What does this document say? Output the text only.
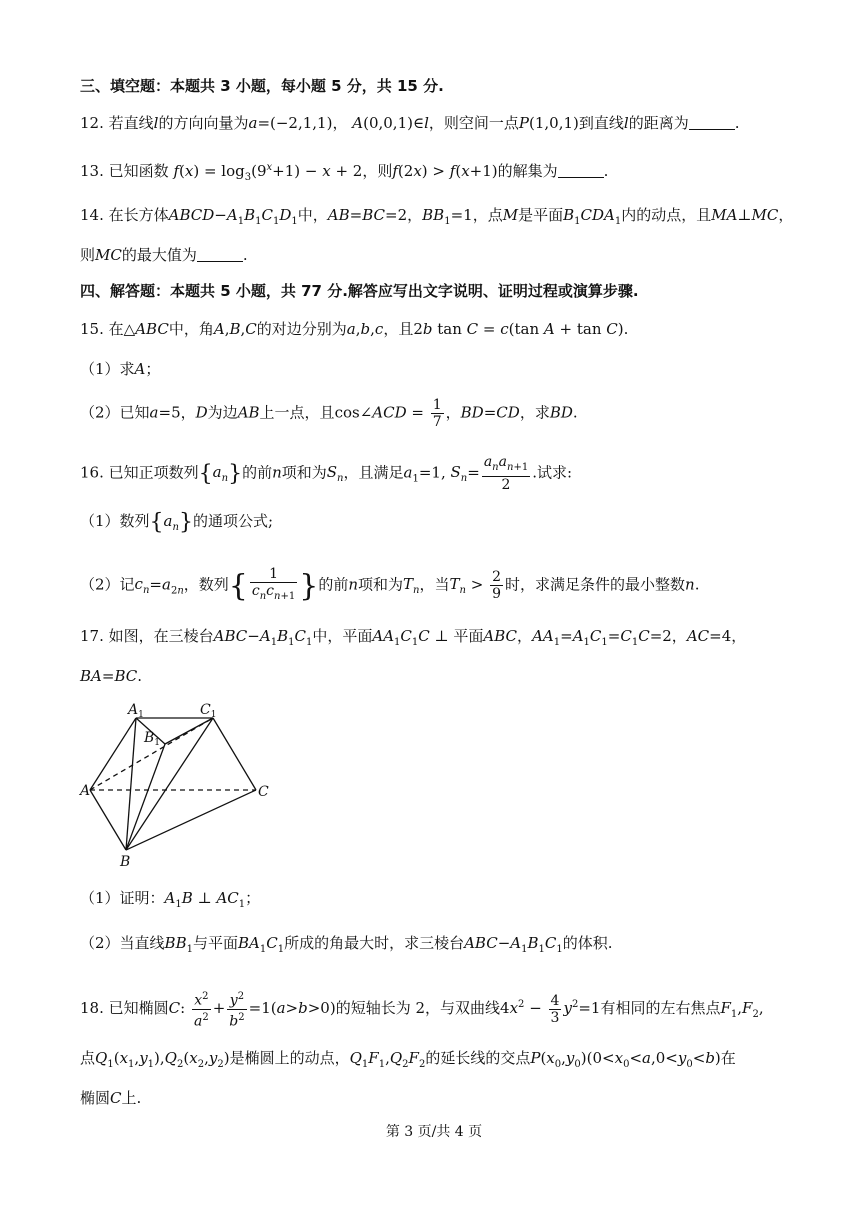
三、填空题：本题共 3 小题，每小题 5 分，共 15 分.
12. 若直线l的方向向量为a=(−2,1,1)， A(0,0,1)∈l，则空间一点P(1,0,1)到直线l的距离为	.
13. 已知函数 $f(x) = \log_3(9^x+1) - x + 2$，则f(2x) > f(x+1)的解集为	.
14. 在长方体$ABCD-A_1B_1C_1D_1$中，AB=BC=2，$BB_1=1$，点M是平面$B_1CDA_1$内的动点，且MA⊥MC，
则MC的最大值为	.
四、解答题：本题共 5 小题，共 77 分.解答应写出文字说明、证明过程或演算步骤.
15. 在△ABC中，角A,B,C的对边分别为a,b,c，且2b tan C = c(tan A + tan C).
（1）求A；
（2）已知a=5，D为边AB上一点，且cos∠ACD = $\frac{1}{7}$ ，BD=CD，求BD.
16. 已知正项数列$\{a_n\}$的前n项和为$S_n$，且满足$a_1=1$, $S_n= \frac{a_na_{n+1}}{2}$ .试求:
（1）数列$\{a_n\}$的通项公式;
（2）记$c_n=a_{2n}$，数列{ $\frac{1}{c_nc_{n+1}}$ }的前n项和为$T_n$，当$T_n > \frac{2}{9}$ 时，求满足条件的最小整数n.
17. 如图，在三棱台$ABC-A_1B_1C_1$中，平面$AA_1C_1C$ ⊥ 平面ABC，$AA_1=A_1C_1=C_1C=2$，AC=4，
BA=BC.
$A_1$	$C_1$
$B_1$
A
B
C
（1）证明：$A_1B$ ⊥ $AC_1$；
（2）当直线$BB_1$与平面$BA_1C_1$所成的角最大时，求三棱台$ABC-A_1B_1C_1$的体积.
18. 已知椭圆C: $\frac{x^2}{a^2} + \frac{y^2}{b^2} =1(a>b>0)$的短轴长为 2，与双曲线$4x^2 - \frac{4}{3} y^2=1$有相同的左右焦点$F_1,F_2$,
点$Q_1(x_1,y_1),Q_2(x_2,y_2)$是椭圆上的动点，$Q_1F_1,Q_2F_2$的延长线的交点$P(x_0,y_0)(0<x_0<a,0<y_0<b)$在
椭圆C上.
第 3 页/共 4 页
